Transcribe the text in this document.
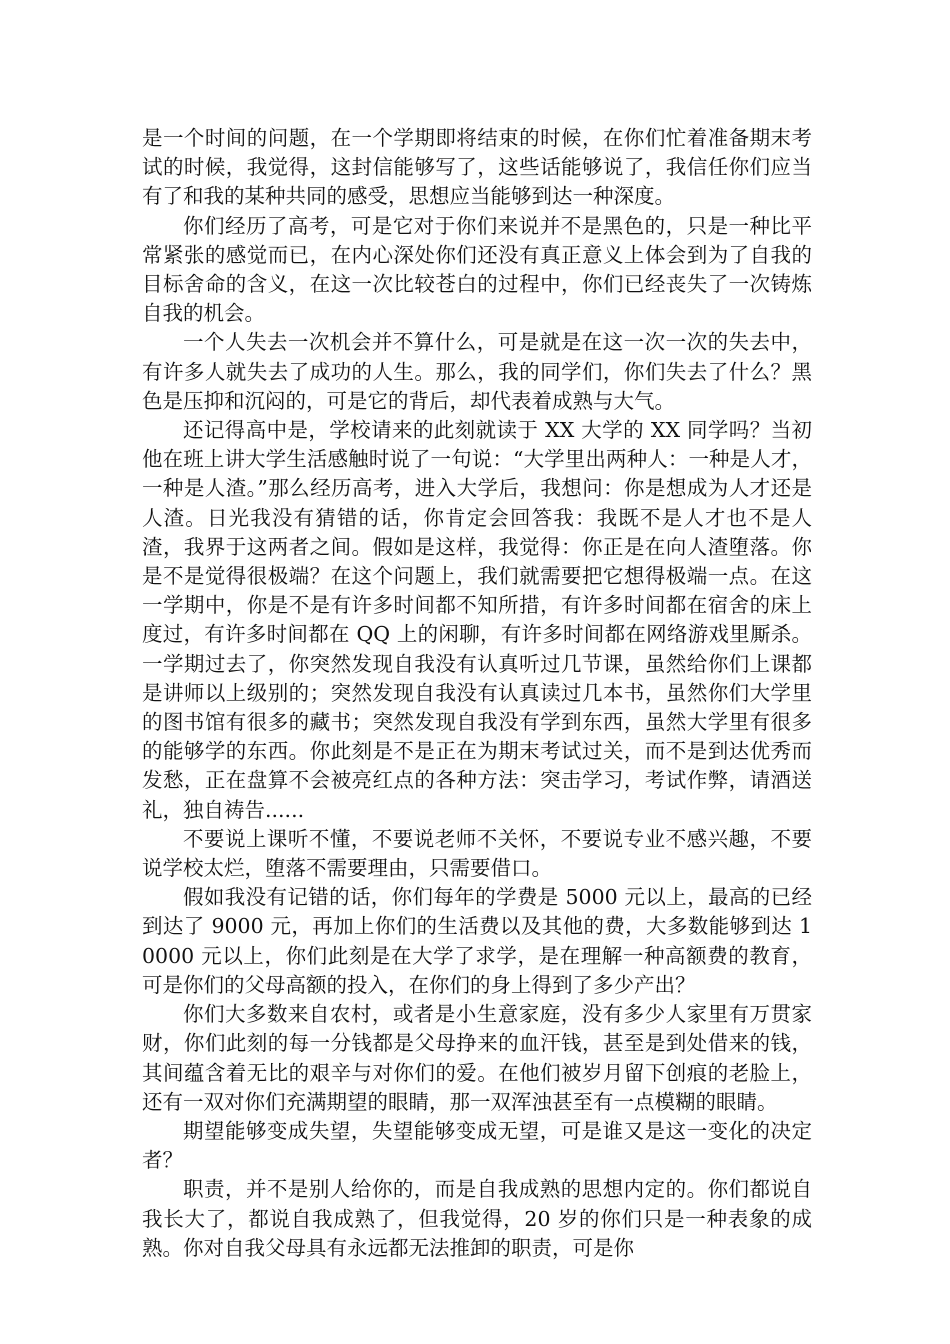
是一个时间的问题，在一个学期即将结束的时候，在你们忙着准备期末考试的时候，我觉得，这封信能够写了，这些话能够说了，我信任你们应当有了和我的某种共同的感受，思想应当能够到达一种深度。

你们经历了高考，可是它对于你们来说并不是黑色的，只是一种比平常紧张的感觉而已，在内心深处你们还没有真正意义上体会到为了自我的目标舍命的含义，在这一次比较苍白的过程中，你们已经丧失了一次铸炼自我的机会。

一个人失去一次机会并不算什么，可是就是在这一次一次的失去中，有许多人就失去了成功的人生。那么，我的同学们，你们失去了什么？黑色是压抑和沉闷的，可是它的背后，却代表着成熟与大气。

还记得高中是，学校请来的此刻就读于 XX 大学的 XX 同学吗？当初他在班上讲大学生活感触时说了一句说：“大学里出两种人：一种是人才，一种是人渣。”那么经历高考，进入大学后，我想问：你是想成为人才还是人渣。日光我没有猜错的话，你肯定会回答我：我既不是人才也不是人渣，我界于这两者之间。假如是这样，我觉得：你正是在向人渣堕落。你是不是觉得很极端？在这个问题上，我们就需要把它想得极端一点。在这一学期中，你是不是有许多时间都不知所措，有许多时间都在宿舍的床上度过，有许多时间都在 QQ 上的闲聊，有许多时间都在网络游戏里厮杀。一学期过去了，你突然发现自我没有认真听过几节课，虽然给你们上课都是讲师以上级别的；突然发现自我没有认真读过几本书，虽然你们大学里的图书馆有很多的藏书；突然发现自我没有学到东西，虽然大学里有很多的能够学的东西。你此刻是不是正在为期末考试过关，而不是到达优秀而发愁，正在盘算不会被亮红点的各种方法：突击学习，考试作弊，请酒送礼，独自祷告......

不要说上课听不懂，不要说老师不关怀，不要说专业不感兴趣，不要说学校太烂，堕落不需要理由，只需要借口。

假如我没有记错的话，你们每年的学费是 5000 元以上，最高的已经到达了 9000 元，再加上你们的生活费以及其他的费，大多数能够到达 10000 元以上，你们此刻是在大学了求学，是在理解一种高额费的教育，可是你们的父母高额的投入，在你们的身上得到了多少产出？

你们大多数来自农村，或者是小生意家庭，没有多少人家里有万贯家财，你们此刻的每一分钱都是父母挣来的血汗钱，甚至是到处借来的钱，其间蕴含着无比的艰辛与对你们的爱。在他们被岁月留下创痕的老脸上，还有一双对你们充满期望的眼睛，那一双浑浊甚至有一点模糊的眼睛。

期望能够变成失望，失望能够变成无望，可是谁又是这一变化的决定者？

职责，并不是别人给你的，而是自我成熟的思想内定的。你们都说自我长大了，都说自我成熟了，但我觉得，20 岁的你们只是一种表象的成熟。你对自我父母具有永远都无法推卸的职责，可是你
